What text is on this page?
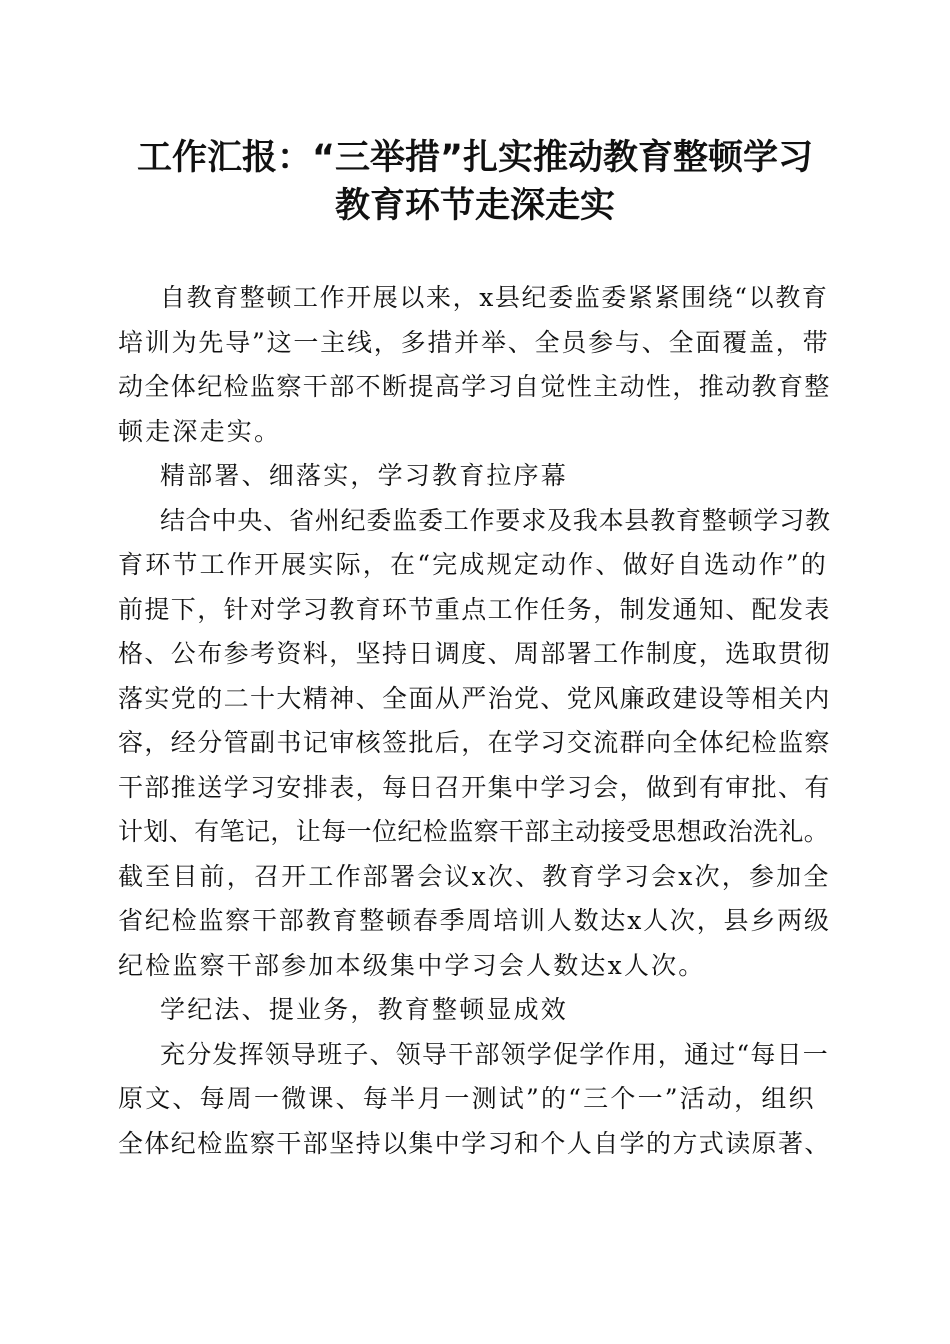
工作汇报：“三举措”扎实推动教育整顿学习
教育环节走深走实
自教育整顿工作开展以来，x县纪委监委紧紧围绕“以教育
培训为先导”这一主线，多措并举、全员参与、全面覆盖，带
动全体纪检监察干部不断提高学习自觉性主动性，推动教育整
顿走深走实。
精部署、细落实，学习教育拉序幕
结合中央、省州纪委监委工作要求及我本县教育整顿学习教
育环节工作开展实际，在“完成规定动作、做好自选动作”的
前提下，针对学习教育环节重点工作任务，制发通知、配发表
格、公布参考资料，坚持日调度、周部署工作制度，选取贯彻
落实党的二十大精神、全面从严治党、党风廉政建设等相关内
容，经分管副书记审核签批后，在学习交流群向全体纪检监察
干部推送学习安排表，每日召开集中学习会，做到有审批、有
计划、有笔记，让每一位纪检监察干部主动接受思想政治洗礼。
截至目前，召开工作部署会议x次、教育学习会x次，参加全
省纪检监察干部教育整顿春季周培训人数达x人次，县乡两级
纪检监察干部参加本级集中学习会人数达x人次。
学纪法、提业务，教育整顿显成效
充分发挥领导班子、领导干部领学促学作用，通过“每日一
原文、每周一微课、每半月一测试”的“三个一”活动，组织
全体纪检监察干部坚持以集中学习和个人自学的方式读原著、
